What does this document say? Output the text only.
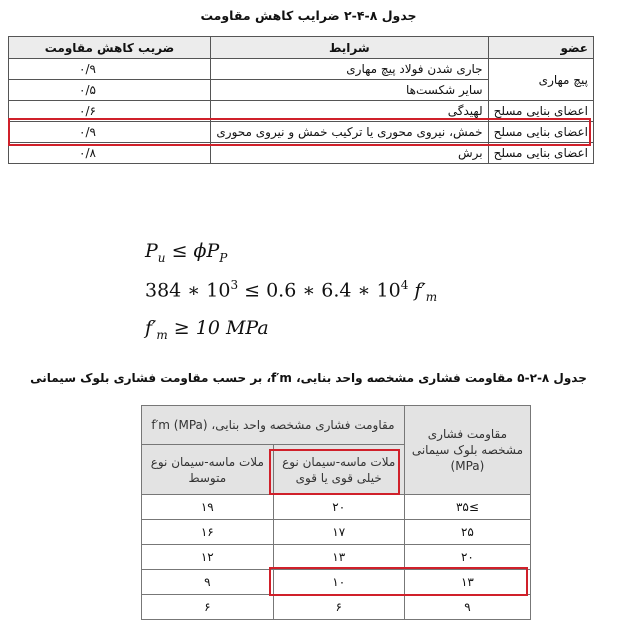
جدول ۸-۴-۲ ضرایب کاهش مقاومت
عضو	شرایط	ضریب کاهش مقاومت
پیچ مهاری	جاری شدن فولاد پیچ مهاری	۰/۹
	سایر شکست‌ها	۰/۵
اعضای بنایی مسلح	لهیدگی	۰/۶
اعضای بنایی مسلح	خمش، نیروی محوری یا ترکیب خمش و نیروی محوری	۰/۹
اعضای بنایی مسلح	برش	۰/۸
$P_u \le \phi P_P$
384 ∗ $10^3 \le 0.6$ ∗ 6.4 ∗ $10^4$ $f'_m$
$f'_m \ge 10$ MPa
جدول ۸-۲-۵ مقاومت فشاری مشخصه واحد بنایی، f′m، بر حسب مقاومت فشاری بلوک سیمانی
مقاومت فشاری مشخصه بلوک سیمانی (MPa)	مقاومت فشاری مشخصه واحد بنایی، f′m (MPa)	
	ملات ماسه-سیمان نوع خیلی قوی یا قوی	ملات ماسه-سیمان نوع متوسط
≥۳۵	۲۰	۱۹
۲۵	۱۷	۱۶
۲۰	۱۳	۱۲
۱۳	۱۰	۹
۹	۶	۶
